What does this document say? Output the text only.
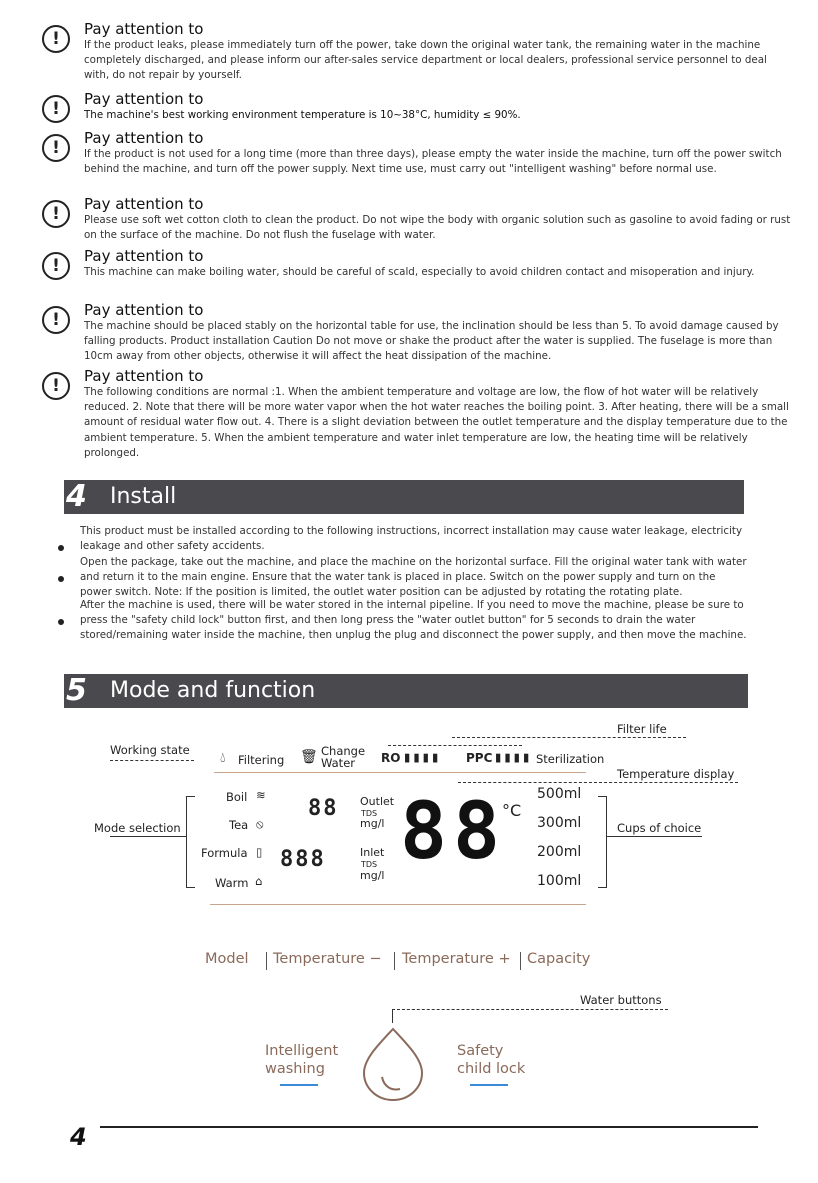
!	Pay attention to
If the product leaks, please immediately turn off the power, take down the original water tank, the remaining water in the machine completely discharged, and please inform our after-sales service department or local dealers, professional service personnel to deal with, do not repair by yourself.
!	Pay attention to
The machine's best working environment temperature is 10~38°C, humidity ≤ 90%.
!	Pay attention to
If the product is not used for a long time (more than three days), please empty the water inside the machine, turn off the power switch behind the machine, and turn off the power supply. Next time use, must carry out "intelligent washing" before normal use.
!	Pay attention to
Please use soft wet cotton cloth to clean the product. Do not wipe the body with organic solution such as gasoline to avoid fading or rust on the surface of the machine. Do not flush the fuselage with water.
!	Pay attention to
This machine can make boiling water, should be careful of scald, especially to avoid children contact and misoperation and injury.
!	Pay attention to
The machine should be placed stably on the horizontal table for use, the inclination should be less than 5. To avoid damage caused by falling products. Product installation Caution Do not move or shake the product after the water is supplied. The fuselage is more than 10cm away from other objects, otherwise it will affect the heat dissipation of the machine.
!	Pay attention to
The following conditions are normal :1. When the ambient temperature and voltage are low, the flow of hot water will be relatively reduced. 2. Note that there will be more water vapor when the hot water reaches the boiling point. 3. After heating, there will be a small amount of residual water flow out. 4. There is a slight deviation between the outlet temperature and the display temperature due to the ambient temperature. 5. When the ambient temperature and water inlet temperature are low, the heating time will be relatively prolonged.
4 Install
This product must be installed according to the following instructions, incorrect installation may cause water leakage, electricity leakage and other safety accidents.
Open the package, take out the machine, and place the machine on the horizontal surface. Fill the original water tank with water and return it to the main engine. Ensure that the water tank is placed in place. Switch on the power supply and turn on the power switch. Note: If the position is limited, the outlet water position can be adjusted by rotating the rotating plate.
After the machine is used, there will be water stored in the internal pipeline. If you need to move the machine, please be sure to press the "safety child lock" button first, and then long press the "water outlet button" for 5 seconds to drain the water stored/remaining water inside the machine, then unplug the plug and disconnect the power supply, and then move the machine.
5 Mode and function
Working state
Filter life
Temperature display
Mode selection	Cups of choice
💧︎ Filtering 🗑︎ Change Water	RO ▮▮▮▮ PPC ▮▮▮▮ Sterilization
Boil ≋
Tea ⦸
Formula ▯
Warm ⌂
88 Outlet
TDS
mg/l
888	Inlet
TDS
mg/l 88
°C
500ml
300ml
200ml
100ml
Model Temperature − Temperature + Capacity
Water buttons
Intelligent
washing
Safety
child lock
4
